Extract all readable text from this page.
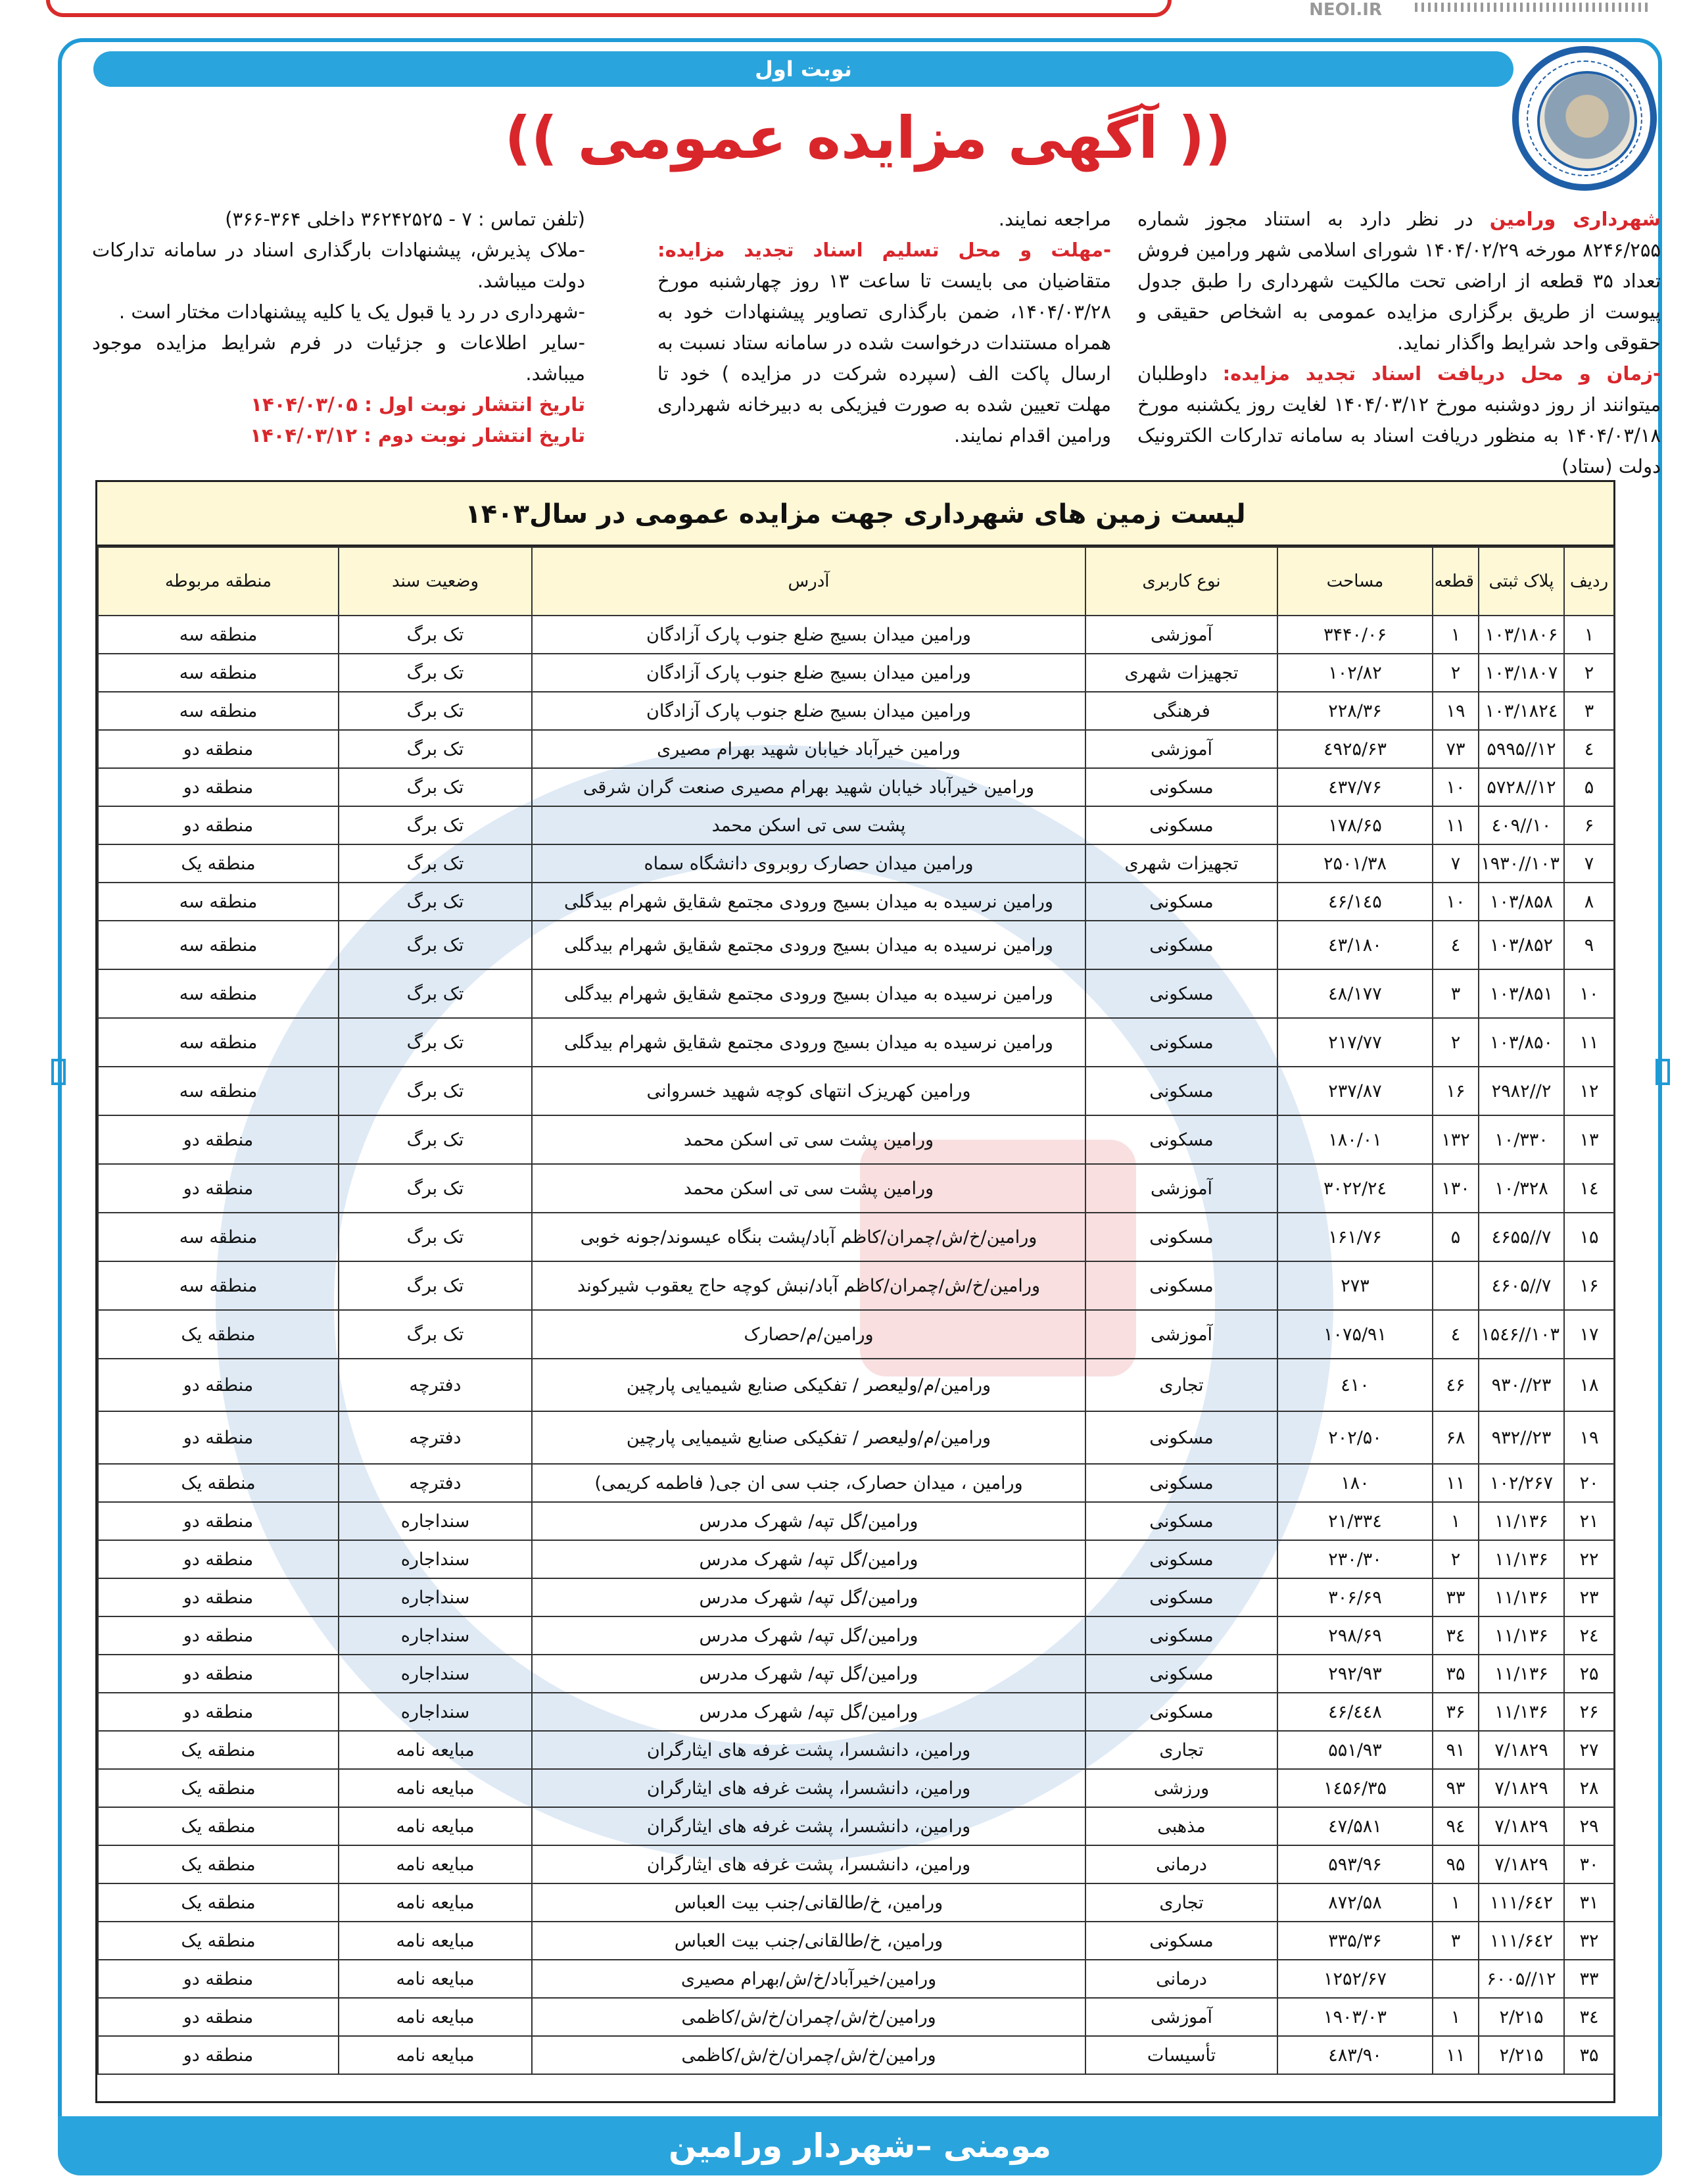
NEOI.IR
نوبت اول
(( آگهی مزایده عمومی ))
شهرداری ورامین در نظر دارد به استناد مجوز شماره ۸۲۴۶/۲۵۵ مورخه ۱۴۰۴/۰۲/۲۹ شورای اسلامی شهر ورامین فروش تعداد ۳۵ قطعه از اراضی تحت مالکیت شهرداری را طبق جدول پیوست از طریق برگزاری مزایده عمومی به اشخاص حقیقی و حقوقی واحد شرایط واگذار نماید.
-زمان و محل دریافت اسناد تجدید مزایده: داوطلبان میتوانند از روز دوشنبه مورخ ۱۴۰۴/۰۳/۱۲ لغایت روز یکشنبه مورخ ۱۴۰۴/۰۳/۱۸ به منظور دریافت اسناد به سامانه تدارکات الکترونیک دولت (ستاد)
مراجعه نمایند.
-مهلت و محل تسلیم اسناد تجدید مزایده: متقاضیان می بایست تا ساعت ۱۳ روز چهارشنبه مورخ ۱۴۰۴/۰۳/۲۸، ضمن بارگذاری تصاویر پیشنهادات خود به همراه مستندات درخواست شده در سامانه ستاد نسبت به ارسال پاکت الف (سپرده شرکت در مزایده ) خود تا مهلت تعیین شده به صورت فیزیکی به دبیرخانه شهرداری ورامین اقدام نمایند.
(تلفن تماس : ۷ - ۳۶۲۴۲۵۲۵ داخلی ۳۶۴-۳۶۶)
-ملاک پذیرش، پیشنهادات بارگذاری اسناد در سامانه تدارکات دولت میباشد.
-شهرداری در رد یا قبول یک یا کلیه پیشنهادات مختار است .
-سایر اطلاعات و جزئیات در فرم شرایط مزایده موجود میباشد.
تاریخ انتشار نوبت اول : ۱۴۰۴/۰۳/۰۵
تاریخ انتشار نوبت دوم : ۱۴۰۴/۰۳/۱۲
لیست زمین های شهرداری جهت مزایده عمومی در سال۱۴۰۳
ردیف	پلاک ثبتی	قطعه	مساحت	نوع کاربری	آدرس	وضعیت سند	منطقه مربوطه
۱	۱۰۳/۱۸۰۶	۱	۳۴۴۰/۰۶	آموزشی	ورامین میدان بسیج ضلع جنوب پارک آزادگان	تک برگ	منطقه سه
۲	۱۰۳/۱۸۰۷	۲	۱۰۲/۸۲	تجهیزات شهری	ورامین میدان بسیج ضلع جنوب پارک آزادگان	تک برگ	منطقه سه
۳	۱۰۳/۱۸۲٤	۱۹	۲۲۸/۳۶	فرهنگی	ورامین میدان بسیج ضلع جنوب پارک آزادگان	تک برگ	منطقه سه
٤	۱۲//۵۹۹۵	۷۳	٤۹۲۵/۶۳	آموزشی	ورامین خیرآباد خیابان شهید بهرام مصیری	تک برگ	منطقه دو
۵	۱۲//۵۷۲۸	۱۰	٤۳۷/۷۶	مسکونی	ورامین خیرآباد خیابان شهید بهرام مصیری صنعت گران شرقی	تک برگ	منطقه دو
۶	۱۰//٤۰۹	۱۱	۱۷۸/۶۵	مسکونی	پشت سی تی اسکن محمد	تک برگ	منطقه دو
۷	۱۰۳//۱۹۳۰	۷	۲۵۰۱/۳۸	تجهیزات شهری	ورامین میدان حصارک روبروی دانشگاه سماه	تک برگ	منطقه یک
۸	۱۰۳/۸۵۸	۱۰	۱٤۵/٤۶	مسکونی	ورامین نرسیده به میدان بسیج ورودی مجتمع شقایق شهرام بیدگلی	تک برگ	منطقه سه
۹	۱۰۳/۸۵۲	٤	۱۸۰/٤۳	مسکونی	ورامین نرسیده به میدان بسیج ورودی مجتمع شقایق شهرام بیدگلی	تک برگ	منطقه سه
۱۰	۱۰۳/۸۵۱	۳	۱۷۷/٤۸	مسکونی	ورامین نرسیده به میدان بسیج ورودی مجتمع شقایق شهرام بیدگلی	تک برگ	منطقه سه
۱۱	۱۰۳/۸۵۰	۲	۲۱۷/۷۷	مسکونی	ورامین نرسیده به میدان بسیج ورودی مجتمع شقایق شهرام بیدگلی	تک برگ	منطقه سه
۱۲	۲//۲۹۸۲	۱۶	۲۳۷/۸۷	مسکونی	ورامین کهریزک انتهای کوچه شهید خسروانی	تک برگ	منطقه سه
۱۳	۱۰/۳۳۰	۱۳۲	۱۸۰/۰۱	مسکونی	ورامین پشت سی تی اسکن محمد	تک برگ	منطقه دو
۱٤	۱۰/۳۲۸	۱۳۰	۳۰۲۲/۲٤	آموزشی	ورامین پشت سی تی اسکن محمد	تک برگ	منطقه دو
۱۵	۷//٤۶۵۵	۵	۱۶۱/۷۶	مسکونی	ورامین/خ/ش/چمران/کاظم آباد/پشت بنگاه عیسوند/جونه خوبی	تک برگ	منطقه سه
۱۶	۷//٤۶۰۵		۲۷۳	مسکونی	ورامین/خ/ش/چمران/کاظم آباد/نبش کوچه حاج یعقوب شیرکوند	تک برگ	منطقه سه
۱۷	۱۰۳//۱۵٤۶	٤	۱۰۷۵/۹۱	آموزشی	ورامین/م/حصارک	تک برگ	منطقه یک
۱۸	۲۳//۹۳۰	٤۶	٤۱۰	تجاری	ورامین/م/ولیعصر / تفکیکی صنایع شیمیایی پارچین	دفترچه	منطقه دو
۱۹	۲۳//۹۳۲	۶۸	۲۰۲/۵۰	مسکونی	ورامین/م/ولیعصر / تفکیکی صنایع شیمیایی پارچین	دفترچه	منطقه دو
۲۰	۱۰۲/۲۶۷	۱۱	۱۸۰	مسکونی	ورامین ، میدان حصارک، جنب سی ان جی( فاطمه کریمی)	دفترچه	منطقه یک
۲۱	۱۱/۱۳۶	۱	۳۳٤/۲۱	مسکونی	ورامین/گل تپه/ شهرک مدرس	سنداجاره	منطقه دو
۲۲	۱۱/۱۳۶	۲	۲۳۰/۳۰	مسکونی	ورامین/گل تپه/ شهرک مدرس	سنداجاره	منطقه دو
۲۳	۱۱/۱۳۶	۳۳	۳۰۶/۶۹	مسکونی	ورامین/گل تپه/ شهرک مدرس	سنداجاره	منطقه دو
۲٤	۱۱/۱۳۶	۳٤	۲۹۸/۶۹	مسکونی	ورامین/گل تپه/ شهرک مدرس	سنداجاره	منطقه دو
۲۵	۱۱/۱۳۶	۳۵	۲۹۲/۹۳	مسکونی	ورامین/گل تپه/ شهرک مدرس	سنداجاره	منطقه دو
۲۶	۱۱/۱۳۶	۳۶	٤٤۸/٤۶	مسکونی	ورامین/گل تپه/ شهرک مدرس	سنداجاره	منطقه دو
۲۷	۷/۱۸۲۹	۹۱	۵۵۱/۹۳	تجاری	ورامین، دانشسرا، پشت غرفه های ایثارگران	مبایعه نامه	منطقه یک
۲۸	۷/۱۸۲۹	۹۳	۱٤۵۶/۳۵	ورزشی	ورامین، دانشسرا، پشت غرفه های ایثارگران	مبایعه نامه	منطقه یک
۲۹	۷/۱۸۲۹	۹٤	۵۸۱/٤۷	مذهبی	ورامین، دانشسرا، پشت غرفه های ایثارگران	مبایعه نامه	منطقه یک
۳۰	۷/۱۸۲۹	۹۵	۵۹۳/۹۶	درمانی	ورامین، دانشسرا، پشت غرفه های ایثارگران	مبایعه نامه	منطقه یک
۳۱	۱۱۱/۶٤۲	۱	۸۷۲/۵۸	تجاری	ورامین، خ/طالقانی/جنب بیت العباس	مبایعه نامه	منطقه یک
۳۲	۱۱۱/۶٤۲	۳	۳۳۵/۳۶	مسکونی	ورامین، خ/طالقانی/جنب بیت العباس	مبایعه نامه	منطقه یک
۳۳	۱۲//۶۰۰۵		۱۲۵۲/۶۷	درمانی	ورامین/خیرآباد/خ/ش/بهرام مصیری	مبایعه نامه	منطقه دو
۳٤	۲/۲۱۵	۱	۱۹۰۳/۰۳	آموزشی	ورامین/خ/ش/چمران/خ/ش/کاظمی	مبایعه نامه	منطقه دو
۳۵	۲/۲۱۵	۱۱	٤۸۳/۹۰	تأسیسات	ورامین/خ/ش/چمران/خ/ش/کاظمی	مبایعه نامه	منطقه دو
مومنی –شهردار ورامین
